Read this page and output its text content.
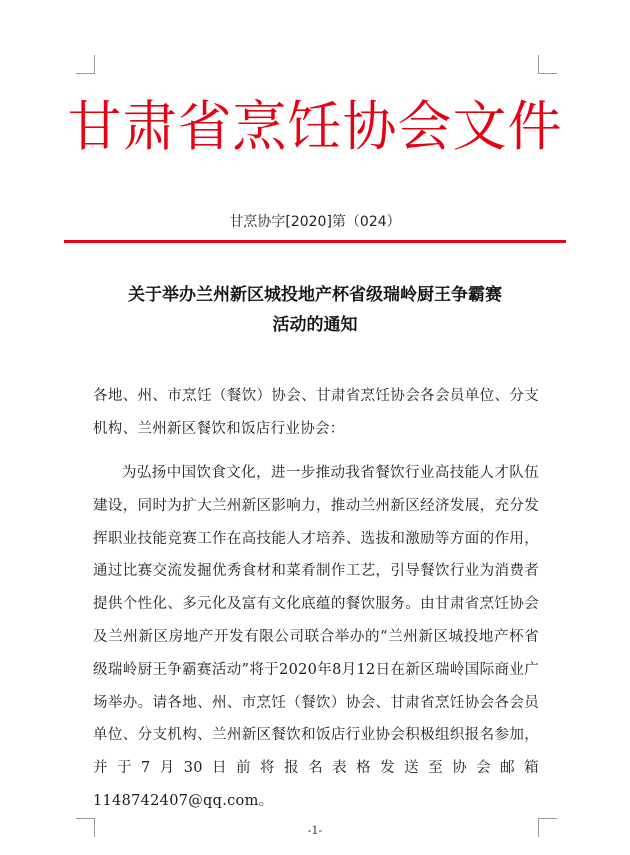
甘肃省烹饪协会文件
甘烹协字[2020]第（024）
关于举办兰州新区城投地产杯省级瑞岭厨王争霸赛
活动的通知
各地、州、市烹饪（餐饮）协会、甘肃省烹饪协会各会员单位、分支机构、兰州新区餐饮和饭店行业协会：
为弘扬中国饮食文化，进一步推动我省餐饮行业高技能人才队伍建设，同时为扩大兰州新区影响力，推动兰州新区经济发展，充分发挥职业技能竞赛工作在高技能人才培养、选拔和激励等方面的作用，通过比赛交流发掘优秀食材和菜肴制作工艺，引导餐饮行业为消费者提供个性化、多元化及富有文化底蕴的餐饮服务。由甘肃省烹饪协会及兰州新区房地产开发有限公司联合举办的“兰州新区城投地产杯省级瑞岭厨王争霸赛活动”将于2020年8月12日在新区瑞岭国际商业广场举办。请各地、州、市烹饪（餐饮）协会、甘肃省烹饪协会各会员单位、分支机构、兰州新区餐饮和饭店行业协会积极组织报名参加，并于7月30日前将报名表格发送至协会邮箱 1148742407@qq.com。
-1-
